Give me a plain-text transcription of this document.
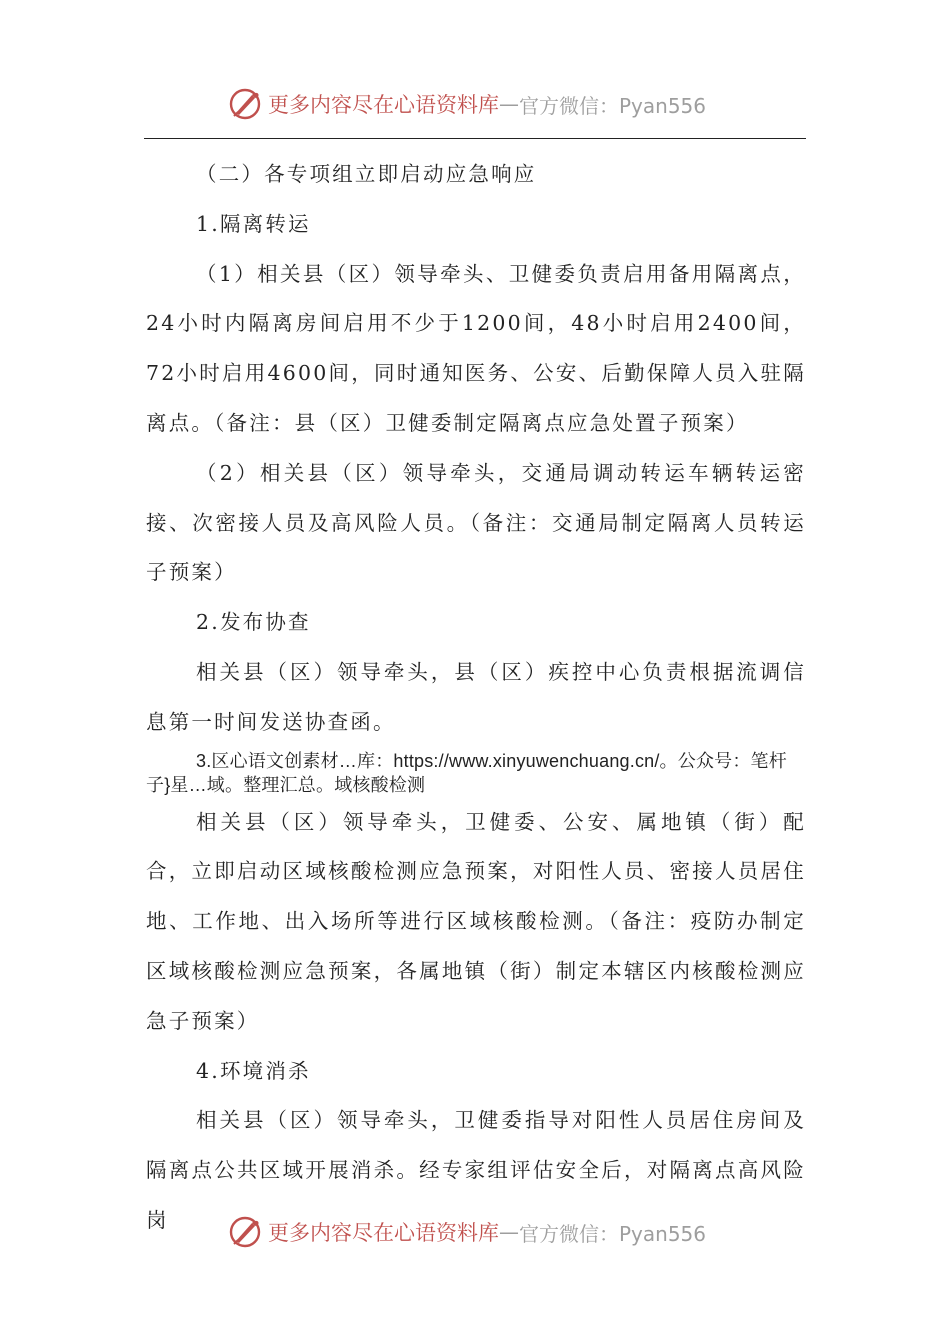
更多内容尽在心语资料库 — 官方微信：Pyan556

（二）各专项组立即启动应急响应

1.隔离转运

（1）相关县（区）领导牵头、卫健委负责启用备用隔离点，24小时内隔离房间启用不少于1200间，48小时启用2400间，72小时启用4600间，同时通知医务、公安、后勤保障人员入驻隔离点。（备注：县（区）卫健委制定隔离点应急处置子预案）

（2）相关县（区）领导牵头，交通局调动转运车辆转运密接、次密接人员及高风险人员。（备注：交通局制定隔离人员转运子预案）

2.发布协查

相关县（区）领导牵头，县（区）疾控中心负责根据流调信息第一时间发送协查函。

3.区心语文创素材…库：https://www.xinyuwenchuang.cn/。公众号：笔杆子}星…域。整理汇总。域核酸检测

相关县（区）领导牵头，卫健委、公安、属地镇（街）配合，立即启动区域核酸检测应急预案，对阳性人员、密接人员居住地、工作地、出入场所等进行区域核酸检测。（备注：疫防办制定区域核酸检测应急预案，各属地镇（街）制定本辖区内核酸检测应急子预案）

4.环境消杀

相关县（区）领导牵头，卫健委指导对阳性人员居住房间及隔离点公共区域开展消杀。经专家组评估安全后，对隔离点高风险岗

更多内容尽在心语资料库 — 官方微信：Pyan556
